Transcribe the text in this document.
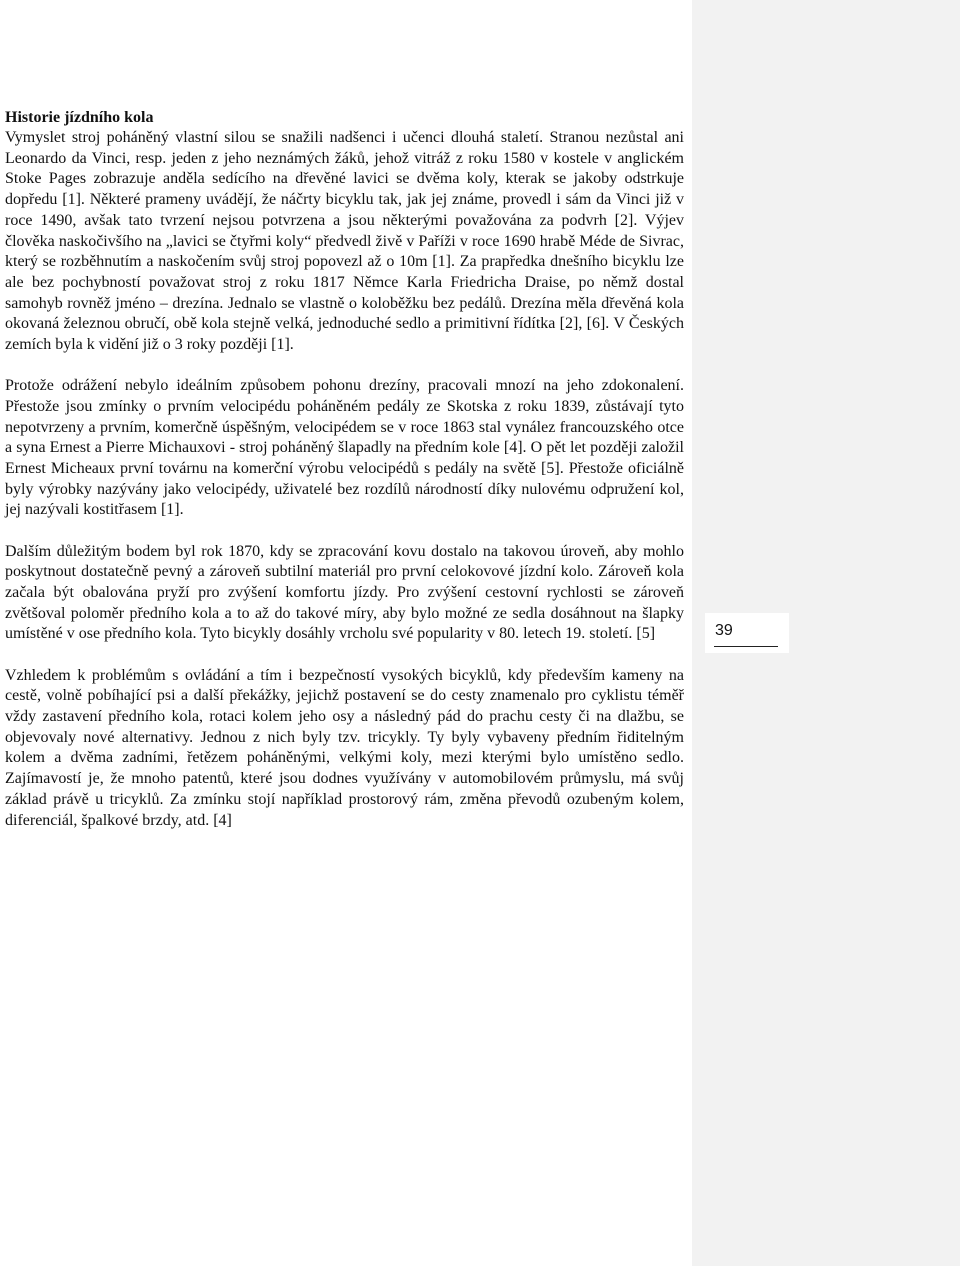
Historie jízdního kola

Vymyslet stroj poháněný vlastní silou se snažili nadšenci i učenci dlouhá staletí. Stranou nezůstal ani Leonardo da Vinci, resp. jeden z jeho neznámých žáků, jehož vitráž z roku 1580 v kostele v anglickém Stoke Pages zobrazuje anděla sedícího na dřevěné lavici se dvěma koly, kterak se jakoby odstrkuje dopředu [1]. Některé prameny uvádějí, že náčrty bicyklu tak, jak jej známe, provedl i sám da Vinci již v roce 1490, avšak tato tvrzení nejsou potvrzena a jsou některými považována za podvrh [2]. Výjev člověka naskočivšího na „lavici se čtyřmi koly“ předvedl živě v Paříži v roce 1690 hrabě Méde de Sivrac, který se rozběhnutím a naskočením svůj stroj popovezl až o 10m [1]. Za prapředka dnešního bicyklu lze ale bez pochybností považovat stroj z roku 1817 Němce Karla Friedricha Draise, po němž dostal samohyb rovněž jméno – drezína. Jednalo se vlastně o koloběžku bez pedálů. Drezína měla dřevěná kola okovaná železnou obručí, obě kola stejně velká, jednoduché sedlo a primitivní řídítka [2], [6]. V Českých zemích byla k vidění již o 3 roky později [1].

Protože odrážení nebylo ideálním způsobem pohonu drezíny, pracovali mnozí na jeho zdokonalení. Přestože jsou zmínky o prvním velocipédu poháněném pedály ze Skotska z roku 1839, zůstávají tyto nepotvrzeny a prvním, komerčně úspěšným, velocipédem se v roce 1863 stal vynález francouzského otce a syna Ernest a Pierre Michauxovi - stroj poháněný šlapadly na předním kole [4]. O pět let později založil Ernest Micheaux první továrnu na komerční výrobu velocipédů s pedály na světě [5]. Přestože oficiálně byly výrobky nazývány jako velocipédy, uživatelé bez rozdílů národností díky nulovému odpružení kol, jej nazývali kostitřasem [1].

Dalším důležitým bodem byl rok 1870, kdy se zpracování kovu dostalo na takovou úroveň, aby mohlo poskytnout dostatečně pevný a zároveň subtilní materiál pro první celokovové jízdní kolo. Zároveň kola začala být obalována pryží pro zvýšení komfortu jízdy. Pro zvýšení cestovní rychlosti se zároveň zvětšoval poloměr předního kola a to až do takové míry, aby bylo možné ze sedla dosáhnout na šlapky umístěné v ose předního kola. Tyto bicykly dosáhly vrcholu své popularity v 80. letech 19. století. [5]

Vzhledem k problémům s ovládání a tím i bezpečností vysokých bicyklů, kdy především kameny na cestě, volně pobíhající psi a další překážky, jejichž postavení se do cesty znamenalo pro cyklistu téměř vždy zastavení předního kola, rotaci kolem jeho osy a následný pád do prachu cesty či na dlažbu, se objevovaly nové alternativy. Jednou z nich byly tzv. tricykly. Ty byly vybaveny předním řiditelným kolem a dvěma zadními, řetězem poháněnými, velkými koly, mezi kterými bylo umístěno sedlo. Zajímavostí je, že mnoho patentů, které jsou dodnes využívány v automobilovém průmyslu, má svůj základ právě u tricyklů. Za zmínku stojí například prostorový rám, změna převodů ozubeným kolem, diferenciál, špalkové brzdy, atd. [4]

39
